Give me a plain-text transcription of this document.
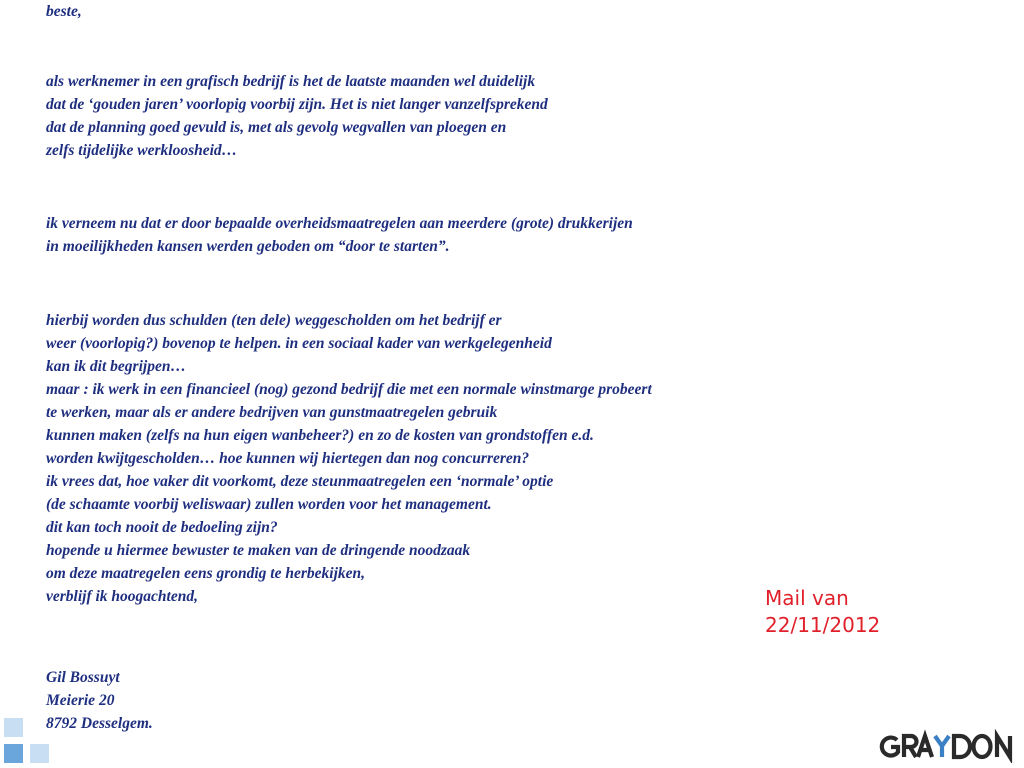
beste,
als werknemer in een grafisch bedrijf is het de laatste maanden wel duidelijk
dat de ‘gouden jaren’ voorlopig voorbij zijn. Het is niet langer vanzelfsprekend
dat de planning goed gevuld is, met als gevolg wegvallen van ploegen en
zelfs tijdelijke werkloosheid…
ik verneem nu dat er door bepaalde overheidsmaatregelen aan meerdere (grote) drukkerijen
in moeilijkheden kansen werden geboden om “door te starten”.
hierbij worden dus schulden (ten dele) weggescholden om het bedrijf er
weer (voorlopig?) bovenop te helpen. in een sociaal kader van werkgelegenheid
kan ik dit begrijpen…
maar : ik werk in een financieel (nog) gezond bedrijf die met een normale winstmarge probeert
te werken, maar als er andere bedrijven van gunstmaatregelen gebruik
kunnen maken (zelfs na hun eigen wanbeheer?) en zo de kosten van grondstoffen e.d.
worden kwijtgescholden… hoe kunnen wij hiertegen dan nog concurreren?
ik vrees dat, hoe vaker dit voorkomt, deze steunmaatregelen een ‘normale’ optie
(de schaamte voorbij weliswaar) zullen worden voor het management.
dit kan toch nooit de bedoeling zijn?
hopende u hiermee bewuster te maken van de dringende noodzaak
om deze maatregelen eens grondig te herbekijken,
verblijf ik hoogachtend,
Gil Bossuyt
Meierie 20
8792 Desselgem.
Mail van
22/11/2012
